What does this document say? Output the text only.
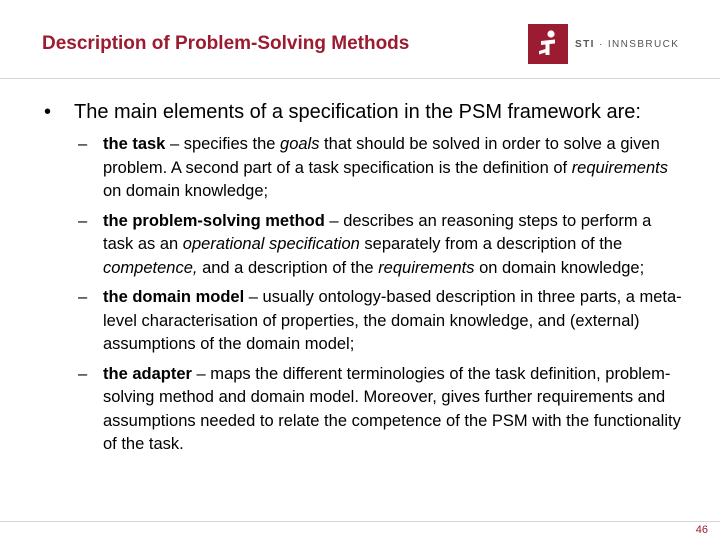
Description of Problem-Solving Methods	STI · INNSBRUCK
• The main elements of a specification in the PSM framework are:
– the task – specifies the goals that should be solved in order to solve a given problem. A second part of a task specification is the definition of requirements on domain knowledge;
– the problem-solving method – describes an reasoning steps to perform a task as an operational specification separately from a description of the competence, and a description of the requirements on domain knowledge;
– the domain model – usually ontology-based description in three parts, a meta-level characterisation of properties, the domain knowledge, and (external) assumptions of the domain model;
– the adapter – maps the different terminologies of the task definition, problem-solving method and domain model. Moreover, gives further requirements and assumptions needed to relate the competence of the PSM with the functionality of the task.
46
